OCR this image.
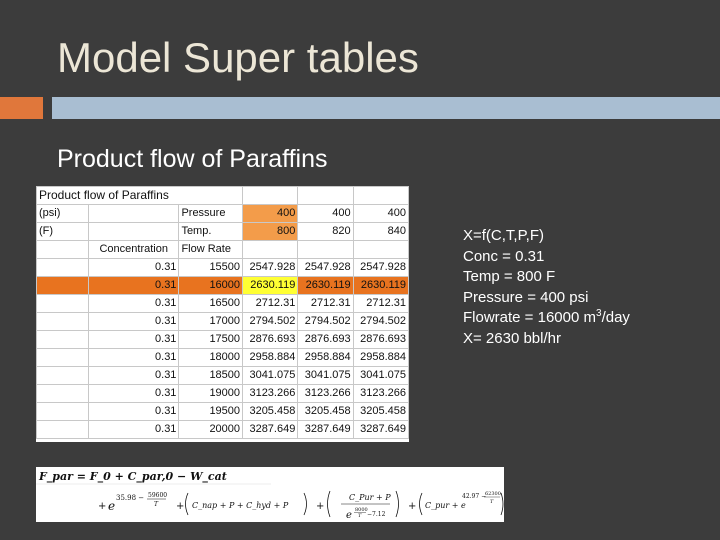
Model Super tables
Product flow of Paraffins
Product flow of Paraffins					
(psi)		Pressure	400	400	400
(F)		Temp.	800	820	840
	Concentration	Flow Rate			
	0.31	15500	2547.928	2547.928	2547.928
	0.31	16000	2630.119	2630.119	2630.119
	0.31	16500	2712.31	2712.31	2712.31
	0.31	17000	2794.502	2794.502	2794.502
	0.31	17500	2876.693	2876.693	2876.693
	0.31	18000	2958.884	2958.884	2958.884
	0.31	18500	3041.075	3041.075	3041.075
	0.31	19000	3123.266	3123.266	3123.266
	0.31	19500	3205.458	3205.458	3205.458
	0.31	20000	3287.649	3287.649	3287.649
X=f(C,T,P,F)
Conc = 0.31
Temp = 800 F
Pressure = 400 psi
Flowrate = 16000 $m^3$/day
X= 2630 bbl/hr
F_par = F_0 + C_par,0 − W_cat
+ e
35.98 − 59600
T + C_nap + P + C_hyd + P	+
C_Pur + P
e 8000
T −7.12
+ C_pur + e
42.97 −
62300
T
